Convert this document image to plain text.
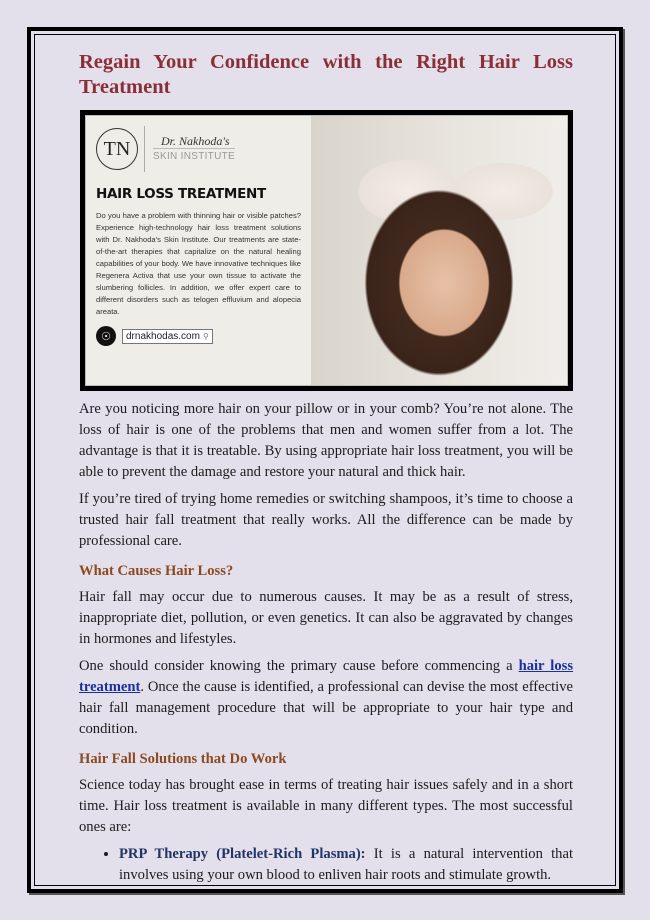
Regain Your Confidence with the Right Hair Loss Treatment
TN	Dr. Nakhoda's
SKIN INSTITUTE
HAIR LOSS TREATMENT

Do you have a problem with thinning hair or visible patches? Experience high-technology hair loss treatment solutions with Dr. Nakhoda's Skin Institute. Our treatments are state-of-the-art therapies that capitalize on the natural healing capabilities of your body. We have innovative techniques like Regenera Activa that use your own tissue to activate the slumbering follicles. In addition, we offer expert care to different disorders such as telogen effluvium and alopecia areata.

☉	drnakhodas.com ⚲

Are you noticing more hair on your pillow or in your comb? You’re not alone. The loss of hair is one of the problems that men and women suffer from a lot. The advantage is that it is treatable. By using appropriate hair loss treatment, you will be able to prevent the damage and restore your natural and thick hair.

If you’re tired of trying home remedies or switching shampoos, it’s time to choose a trusted hair fall treatment that really works. All the difference can be made by professional care.

What Causes Hair Loss?

Hair fall may occur due to numerous causes. It may be as a result of stress, inappropriate diet, pollution, or even genetics. It can also be aggravated by changes in hormones and lifestyles.

One should consider knowing the primary cause before commencing a hair loss treatment. Once the cause is identified, a professional can devise the most effective hair fall management procedure that will be appropriate to your hair type and condition.

Hair Fall Solutions that Do Work

Science today has brought ease in terms of treating hair issues safely and in a short time. Hair loss treatment is available in many different types. The most successful ones are:

• PRP Therapy (Platelet-Rich Plasma): It is a natural intervention that involves using your own blood to enliven hair roots and stimulate growth.
